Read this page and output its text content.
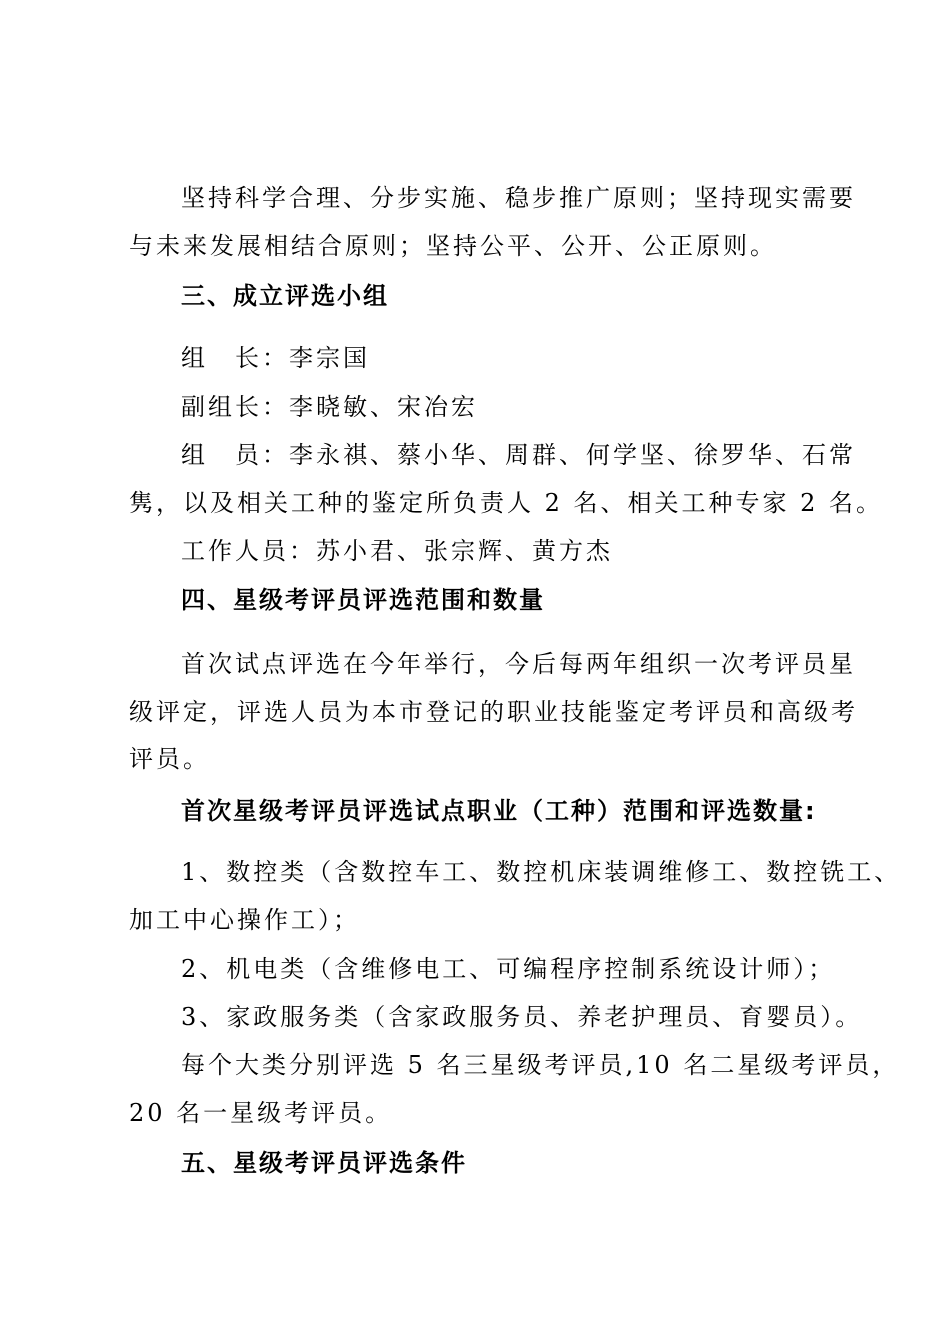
坚持科学合理、分步实施、稳步推广原则；坚持现实需要
与未来发展相结合原则；坚持公平、公开、公正原则。
三、成立评选小组
组　长：李宗国
副组长：李晓敏、宋冶宏
组　员：李永祺、蔡小华、周群、何学坚、徐罗华、石常
隽，以及相关工种的鉴定所负责人 2 名、相关工种专家 2 名。
工作人员：苏小君、张宗辉、黄方杰
四、星级考评员评选范围和数量
首次试点评选在今年举行，今后每两年组织一次考评员星
级评定，评选人员为本市登记的职业技能鉴定考评员和高级考
评员。
首次星级考评员评选试点职业（工种）范围和评选数量:
1、数控类（含数控车工、数控机床装调维修工、数控铣工、
加工中心操作工）；
2、机电类（含维修电工、可编程序控制系统设计师）；
3、家政服务类（含家政服务员、养老护理员、育婴员）。
每个大类分别评选 5 名三星级考评员,10 名二星级考评员，
20 名一星级考评员。
五、星级考评员评选条件
